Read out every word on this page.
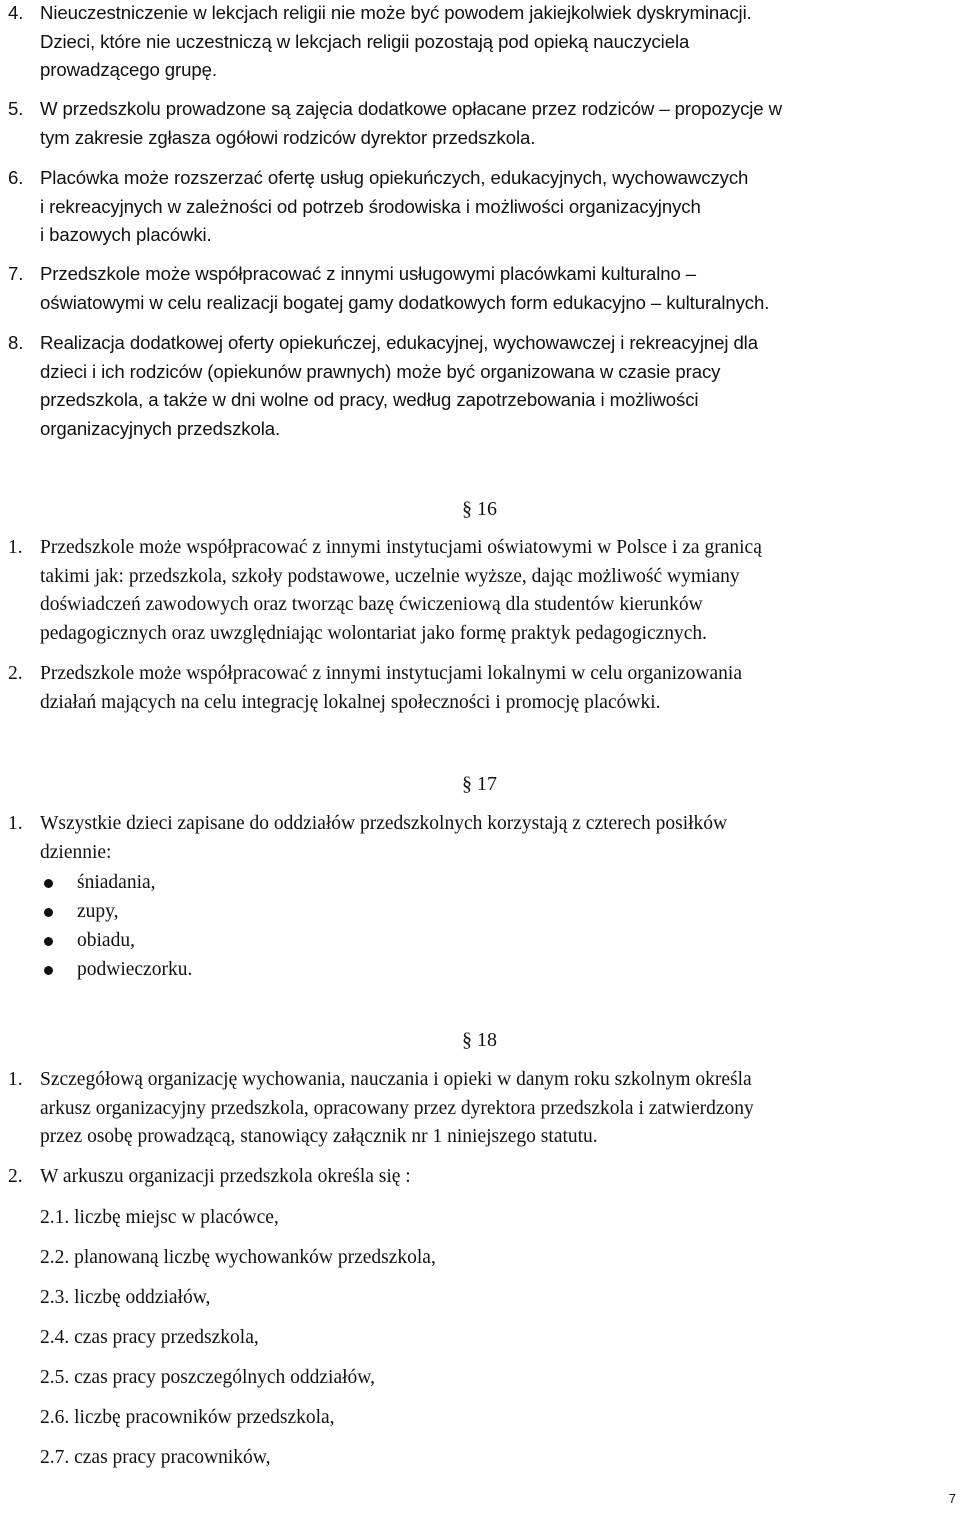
4. Nieuczestniczenie w lekcjach religii nie może być powodem jakiejkolwiek dyskryminacji.
Dzieci, które nie uczestniczą w lekcjach religii pozostają pod opieką nauczyciela
prowadzącego grupę.
5. W przedszkolu prowadzone są zajęcia dodatkowe opłacane przez rodziców – propozycje w
tym zakresie zgłasza ogółowi rodziców dyrektor przedszkola.
6. Placówka może rozszerzać ofertę usług opiekuńczych, edukacyjnych, wychowawczych
i rekreacyjnych w zależności od potrzeb środowiska i możliwości organizacyjnych
i bazowych placówki.
7. Przedszkole może współpracować z innymi usługowymi placówkami kulturalno –
oświatowymi w celu realizacji bogatej gamy dodatkowych form edukacyjno – kulturalnych.
8. Realizacja dodatkowej oferty opiekuńczej, edukacyjnej, wychowawczej i rekreacyjnej dla
dzieci i ich rodziców (opiekunów prawnych) może być organizowana w czasie pracy
przedszkola, a także w dni wolne od pracy, według zapotrzebowania i możliwości
organizacyjnych przedszkola.
§ 16
1. Przedszkole może współpracować z innymi instytucjami oświatowymi w Polsce i za granicą
takimi jak: przedszkola, szkoły podstawowe, uczelnie wyższe, dając możliwość wymiany
doświadczeń zawodowych oraz tworząc bazę ćwiczeniową dla studentów kierunków
pedagogicznych oraz uwzględniając wolontariat jako formę praktyk pedagogicznych.
2. Przedszkole może współpracować z innymi instytucjami lokalnymi w celu organizowania
działań mających na celu integrację lokalnej społeczności i promocję placówki.
§ 17
1. Wszystkie dzieci zapisane do oddziałów przedszkolnych korzystają z czterech posiłków
dziennie:
śniadania,
zupy,
obiadu,
podwieczorku.
§ 18
1. Szczegółową organizację wychowania, nauczania i opieki w danym roku szkolnym określa
arkusz organizacyjny przedszkola, opracowany przez dyrektora przedszkola i zatwierdzony
przez osobę prowadzącą, stanowiący załącznik nr 1 niniejszego statutu.
2. W arkuszu organizacji przedszkola określa się :
2.1. liczbę miejsc w placówce,
2.2. planowaną liczbę wychowanków przedszkola,
2.3. liczbę oddziałów,
2.4. czas pracy przedszkola,
2.5. czas pracy poszczególnych oddziałów,
2.6. liczbę pracowników przedszkola,
2.7. czas pracy pracowników,
7
